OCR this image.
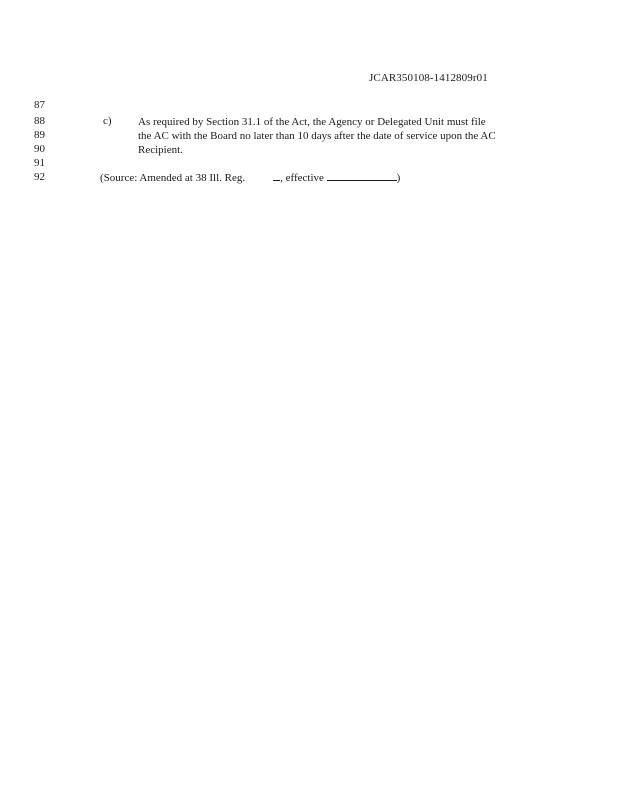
JCAR350108-1412809r01
87
88
89
90
91
92
c) As required by Section 31.1 of the Act, the Agency or Delegated Unit must file
the AC with the Board no later than 10 days after the date of service upon the AC
Recipient.
(Source: Amended at 38 Ill. Reg.	, effective	)
